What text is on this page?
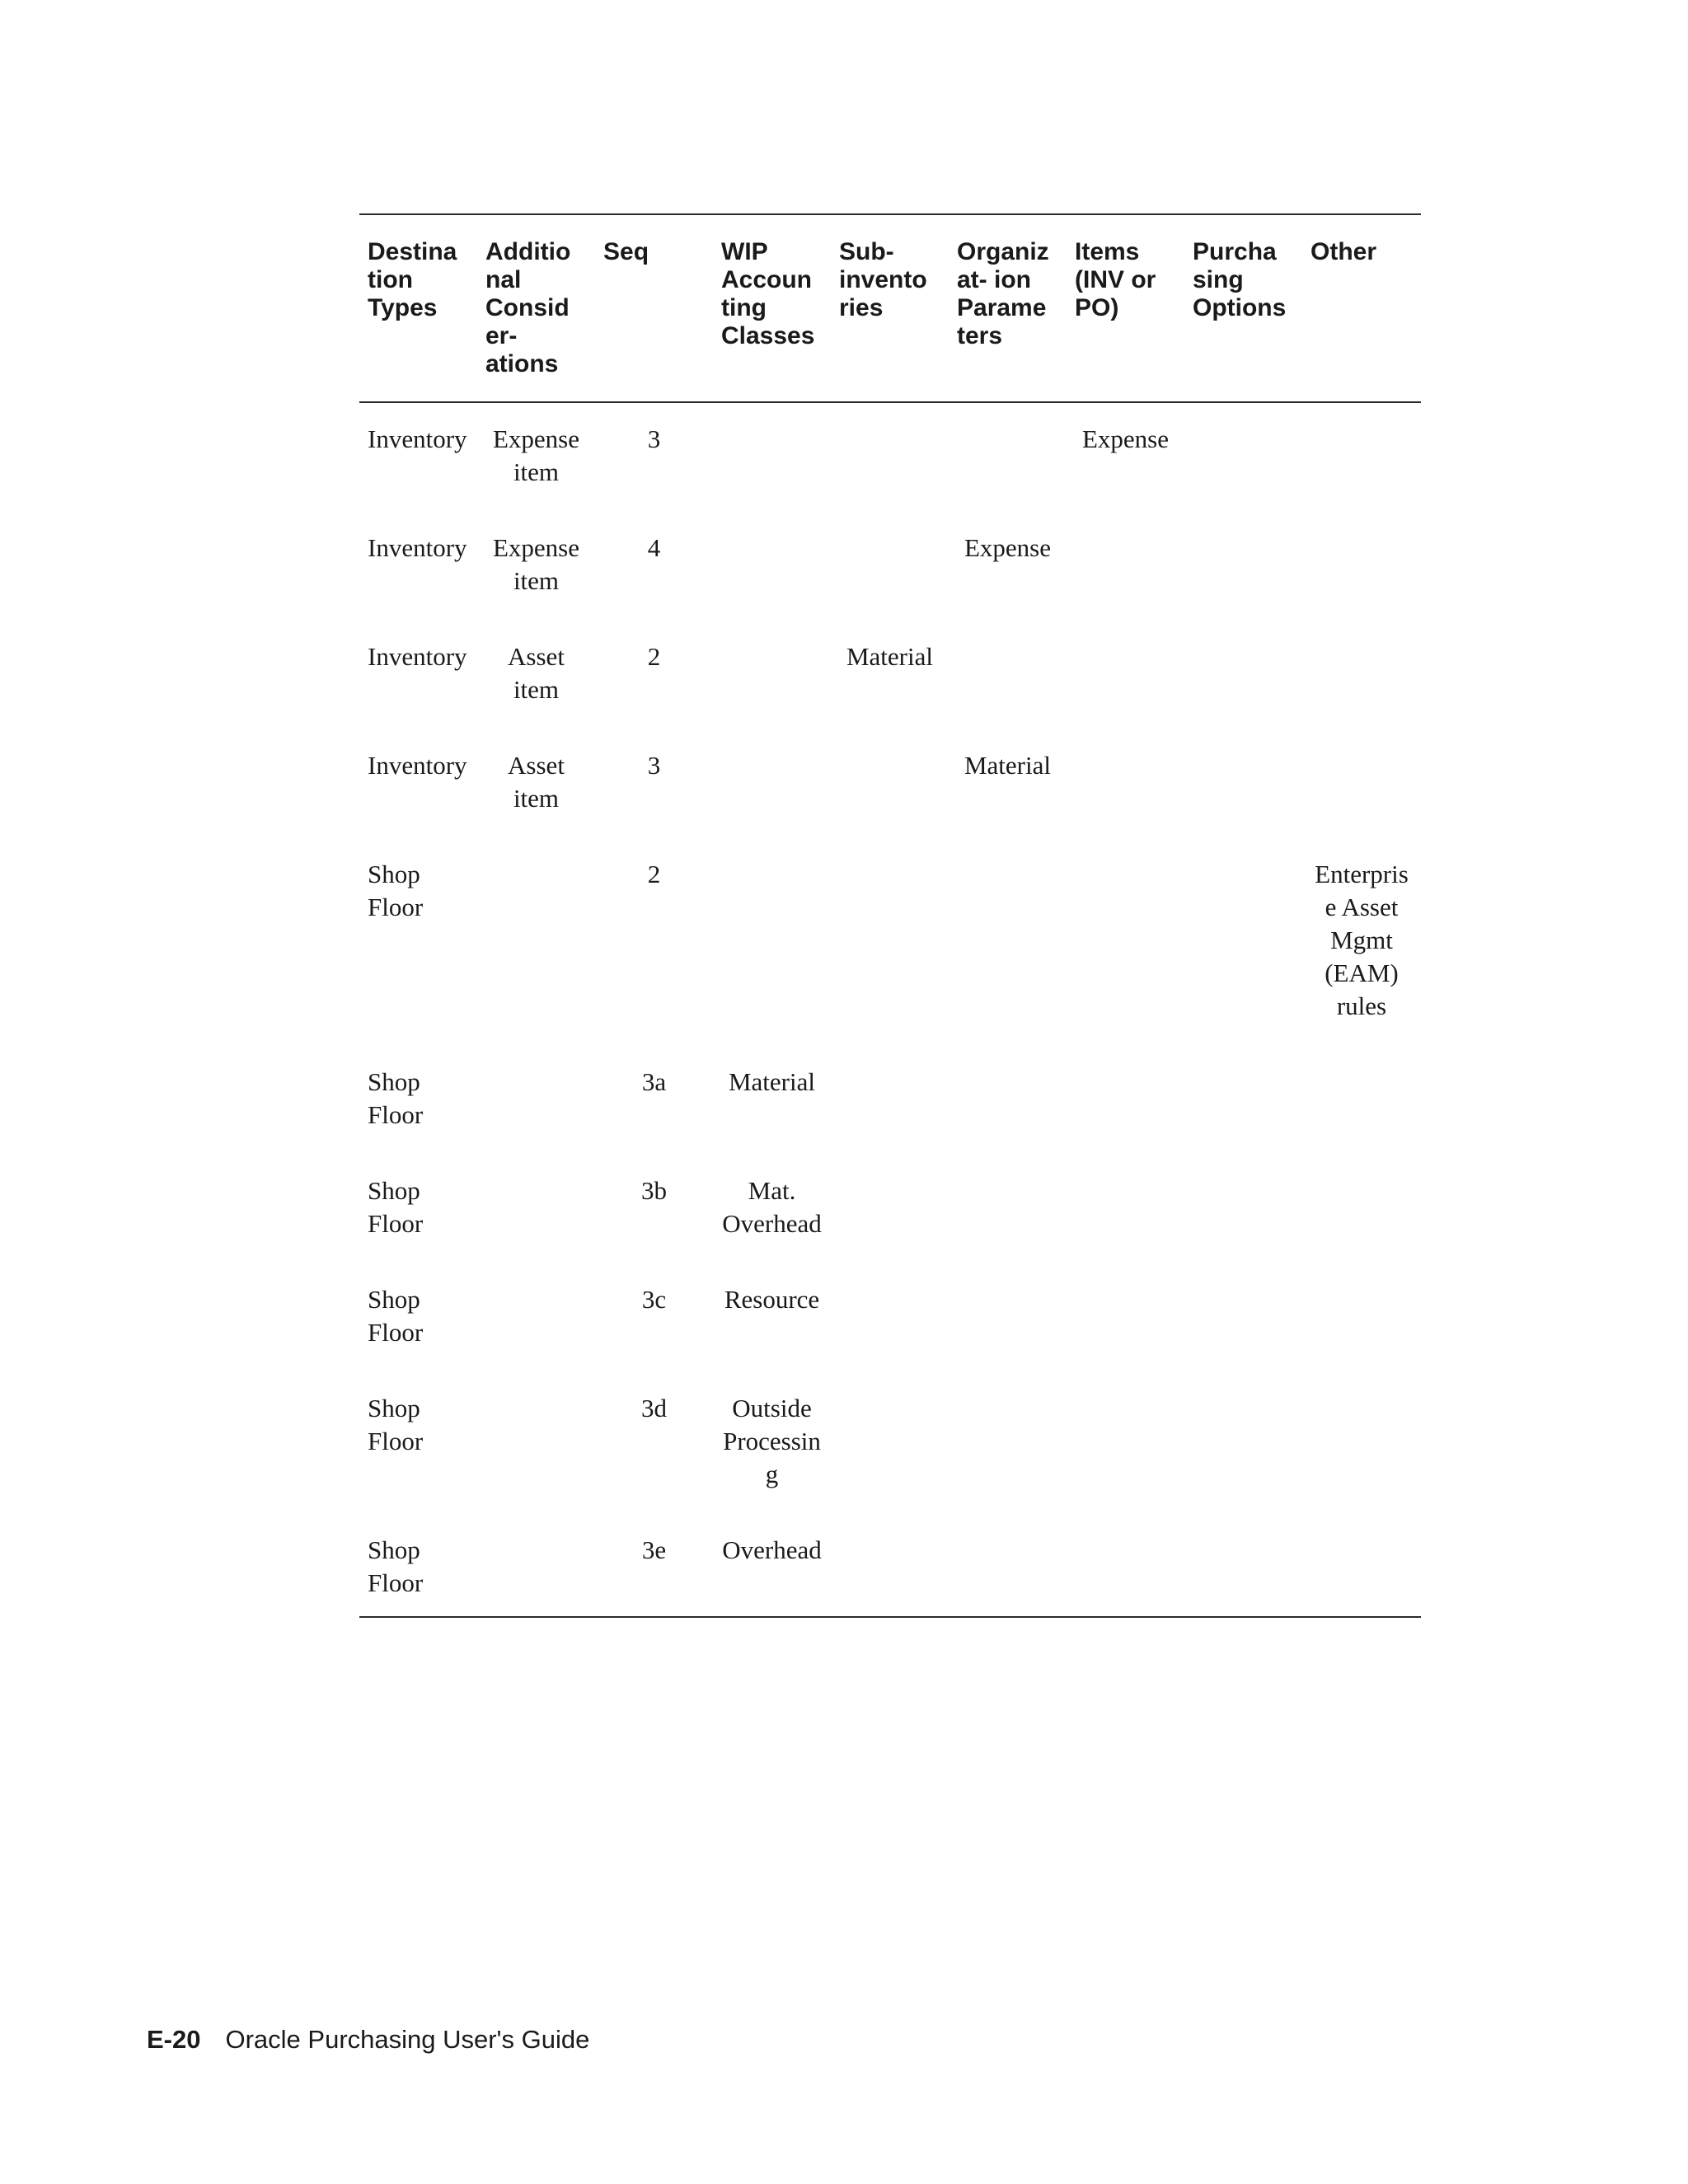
Destina tion Types	Additio nal Consid er- ations	Seq	WIP Accoun ting Classes	Sub- invento ries	Organiz at- ion Parame ters	Items (INV or PO)	Purcha sing Options	Other
Inventory	Expense item	3				Expense		
Inventory	Expense item	4			Expense			
Inventory	Asset item	2		Material				
Inventory	Asset item	3			Material			
Shop Floor		2						Enterprise Asset Mgmt (EAM) rules
Shop Floor		3a	Material					
Shop Floor		3b	Mat. Overhead					
Shop Floor		3c	Resource					
Shop Floor		3d	Outside Processing					
Shop Floor		3e	Overhead					
E-20 Oracle Purchasing User's Guide
